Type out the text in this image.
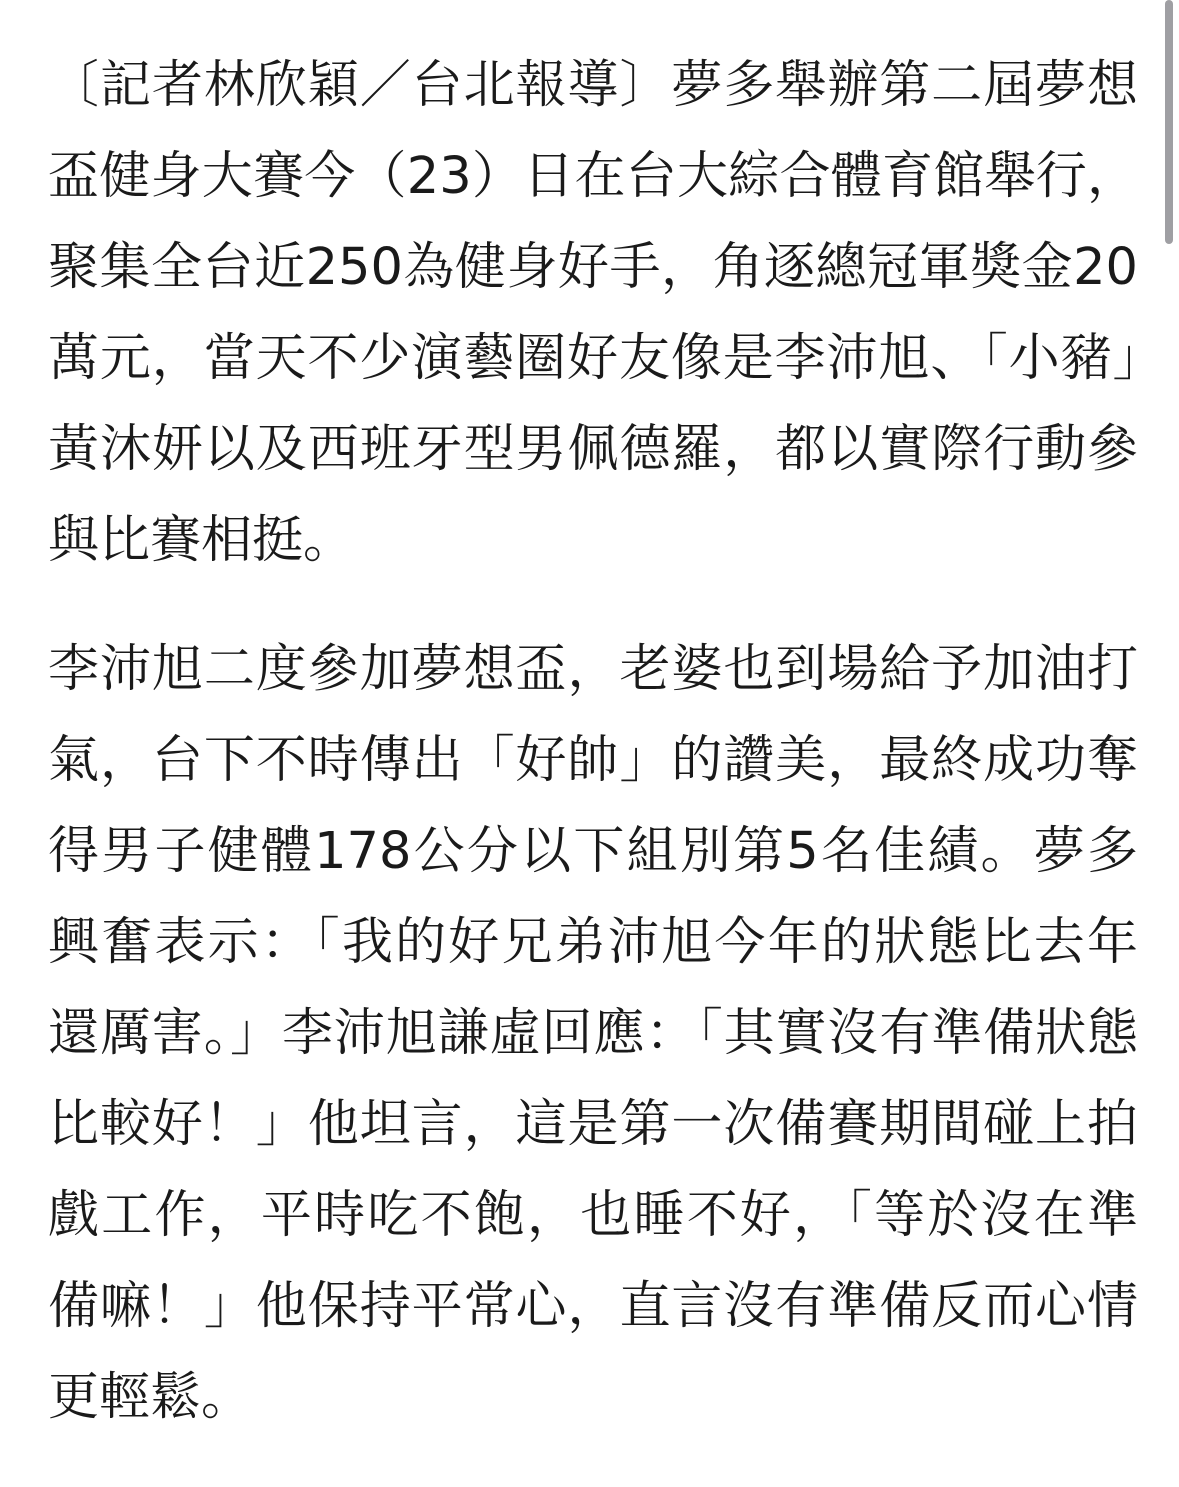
〔記者林欣穎／台北報導〕夢多舉辦第二屆夢想盃健身大賽今（23）日在台大綜合體育館舉行，聚集全台近250為健身好手，角逐總冠軍獎金20萬元，當天不少演藝圈好友像是李沛旭、「小豬」黃沐妍以及西班牙型男佩德羅，都以實際行動參與比賽相挺。

李沛旭二度參加夢想盃，老婆也到場給予加油打氣，台下不時傳出「好帥」的讚美，最終成功奪得男子健體178公分以下組別第5名佳績。夢多興奮表示：「我的好兄弟沛旭今年的狀態比去年還厲害。」李沛旭謙虛回應：「其實沒有準備狀態比較好！」他坦言，這是第一次備賽期間碰上拍戲工作，平時吃不飽，也睡不好，「等於沒在準備嘛！」他保持平常心，直言沒有準備反而心情更輕鬆。
